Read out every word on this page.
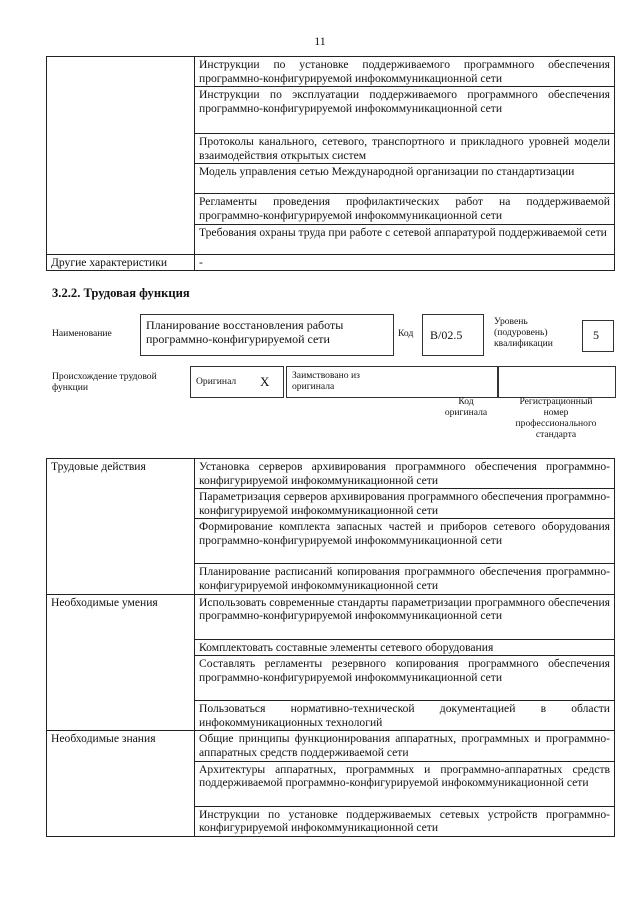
11
	Инструкции по установке поддерживаемого программного обеспечения программно-конфигурируемой инфокоммуникационной сети
	Инструкции по эксплуатации поддерживаемого программного обеспечения программно-конфигурируемой инфокоммуникационной сети
	Протоколы канального, сетевого, транспортного и прикладного уровней модели взаимодействия открытых систем
	Модель управления сетью Международной организации по стандартизации
	Регламенты проведения профилактических работ на поддерживаемой программно-конфигурируемой инфокоммуникационной сети
	Требования охраны труда при работе с сетевой аппаратурой поддерживаемой сети
Другие характеристики	-
3.2.2. Трудовая функция
Наименование
Планирование восстановления работы программно-конфигурируемой сети	Код B/02.5
Уровень (подуровень) квалификации
5
Происхождение трудовой функции
Оригинал X Заимствовано из оригинала
Код оригинала
Регистрационный номер профессионального стандарта
Трудовые действия	Установка серверов архивирования программного обеспечения программно-конфигурируемой инфокоммуникационной сети
	Параметризация серверов архивирования программного обеспечения программно-конфигурируемой инфокоммуникационной сети
	Формирование комплекта запасных частей и приборов сетевого оборудования программно-конфигурируемой инфокоммуникационной сети
	Планирование расписаний копирования программного обеспечения программно-конфигурируемой инфокоммуникационной сети
Необходимые умения	Использовать современные стандарты параметризации программного обеспечения программно-конфигурируемой инфокоммуникационной сети
	Комплектовать составные элементы сетевого оборудования
	Составлять регламенты резервного копирования программного обеспечения программно-конфигурируемой инфокоммуникационной сети
	Пользоваться нормативно-технической документацией в области инфокоммуникационных технологий
Необходимые знания	Общие принципы функционирования аппаратных, программных и программно-аппаратных средств поддерживаемой сети
	Архитектуры аппаратных, программных и программно-аппаратных средств поддерживаемой программно-конфигурируемой инфокоммуникационной сети
	Инструкции по установке поддерживаемых сетевых устройств программно-конфигурируемой инфокоммуникационной сети
